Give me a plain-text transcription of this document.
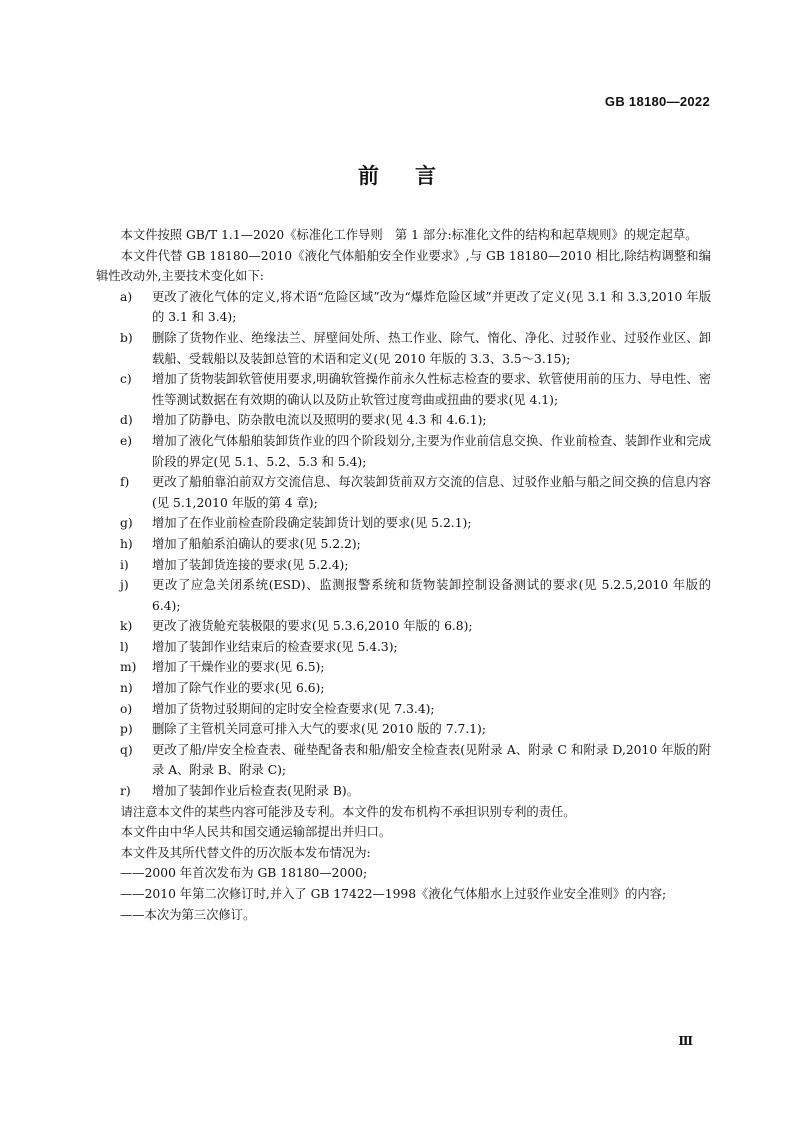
GB 18180—2022
前言
本文件按照 GB/T 1.1—2020《标准化工作导则　第 1 部分:标准化文件的结构和起草规则》的规定起草。
本文件代替 GB 18180—2010《液化气体船舶安全作业要求》,与 GB 18180—2010 相比,除结构调整和编辑性改动外,主要技术变化如下:
a)	更改了液化气体的定义,将术语“危险区域”改为“爆炸危险区域”并更改了定义(见 3.1 和 3.3,2010 年版的 3.1 和 3.4);
b)	删除了货物作业、绝缘法兰、屏壁间处所、热工作业、除气、惰化、净化、过驳作业、过驳作业区、卸载船、受载船以及装卸总管的术语和定义(见 2010 年版的 3.3、3.5～3.15);
c)	增加了货物装卸软管使用要求,明确软管操作前永久性标志检查的要求、软管使用前的压力、导电性、密性等测试数据在有效期的确认以及防止软管过度弯曲或扭曲的要求(见 4.1);
d)	增加了防静电、防杂散电流以及照明的要求(见 4.3 和 4.6.1);
e)	增加了液化气体船舶装卸货作业的四个阶段划分,主要为作业前信息交换、作业前检查、装卸作业和完成阶段的界定(见 5.1、5.2、5.3 和 5.4);
f)	更改了船舶靠泊前双方交流信息、每次装卸货前双方交流的信息、过驳作业船与船之间交换的信息内容(见 5.1,2010 年版的第 4 章);
g)	增加了在作业前检查阶段确定装卸货计划的要求(见 5.2.1);
h)	增加了船舶系泊确认的要求(见 5.2.2);
i)	增加了装卸货连接的要求(见 5.2.4);
j)	更改了应急关闭系统(ESD)、监测报警系统和货物装卸控制设备测试的要求(见 5.2.5,2010 年版的 6.4);
k)	更改了液货舱充装极限的要求(见 5.3.6,2010 年版的 6.8);
l)	增加了装卸作业结束后的检查要求(见 5.4.3);
m)	增加了干燥作业的要求(见 6.5);
n)	增加了除气作业的要求(见 6.6);
o)	增加了货物过驳期间的定时安全检查要求(见 7.3.4);
p)	删除了主管机关同意可排入大气的要求(见 2010 版的 7.7.1);
q)	更改了船/岸安全检查表、碰垫配备表和船/船安全检查表(见附录 A、附录 C 和附录 D,2010 年版的附录 A、附录 B、附录 C);
r)	增加了装卸作业后检查表(见附录 B)。
请注意本文件的某些内容可能涉及专利。本文件的发布机构不承担识别专利的责任。
本文件由中华人民共和国交通运输部提出并归口。
本文件及其所代替文件的历次版本发布情况为:
——2000 年首次发布为 GB 18180—2000;
——2010 年第二次修订时,并入了 GB 17422—1998《液化气体船水上过驳作业安全准则》的内容;
——本次为第三次修订。
Ⅲ
